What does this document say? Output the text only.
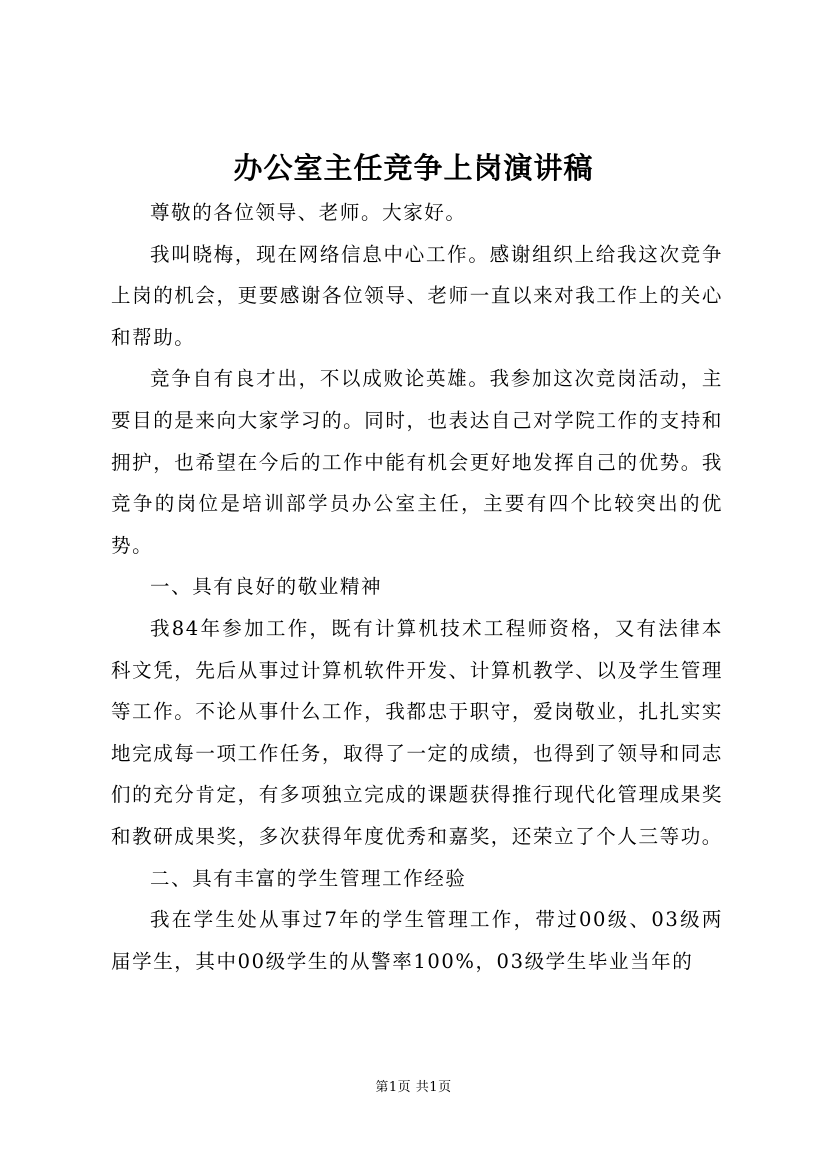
办公室主任竞争上岗演讲稿

尊敬的各位领导、老师。大家好。

我叫晓梅，现在网络信息中心工作。感谢组织上给我这次竞争上岗的机会，更要感谢各位领导、老师一直以来对我工作上的关心和帮助。

竞争自有良才出，不以成败论英雄。我参加这次竞岗活动，主要目的是来向大家学习的。同时，也表达自己对学院工作的支持和拥护，也希望在今后的工作中能有机会更好地发挥自己的优势。我竞争的岗位是培训部学员办公室主任，主要有四个比较突出的优势。

一、具有良好的敬业精神

我84年参加工作，既有计算机技术工程师资格，又有法律本科文凭，先后从事过计算机软件开发、计算机教学、以及学生管理等工作。不论从事什么工作，我都忠于职守，爱岗敬业，扎扎实实地完成每一项工作任务，取得了一定的成绩，也得到了领导和同志们的充分肯定，有多项独立完成的课题获得推行现代化管理成果奖和教研成果奖，多次获得年度优秀和嘉奖，还荣立了个人三等功。

二、具有丰富的学生管理工作经验

我在学生处从事过7年的学生管理工作，带过00级、03级两届学生，其中00级学生的从警率100%，03级学生毕业当年的

第1页 共1页
